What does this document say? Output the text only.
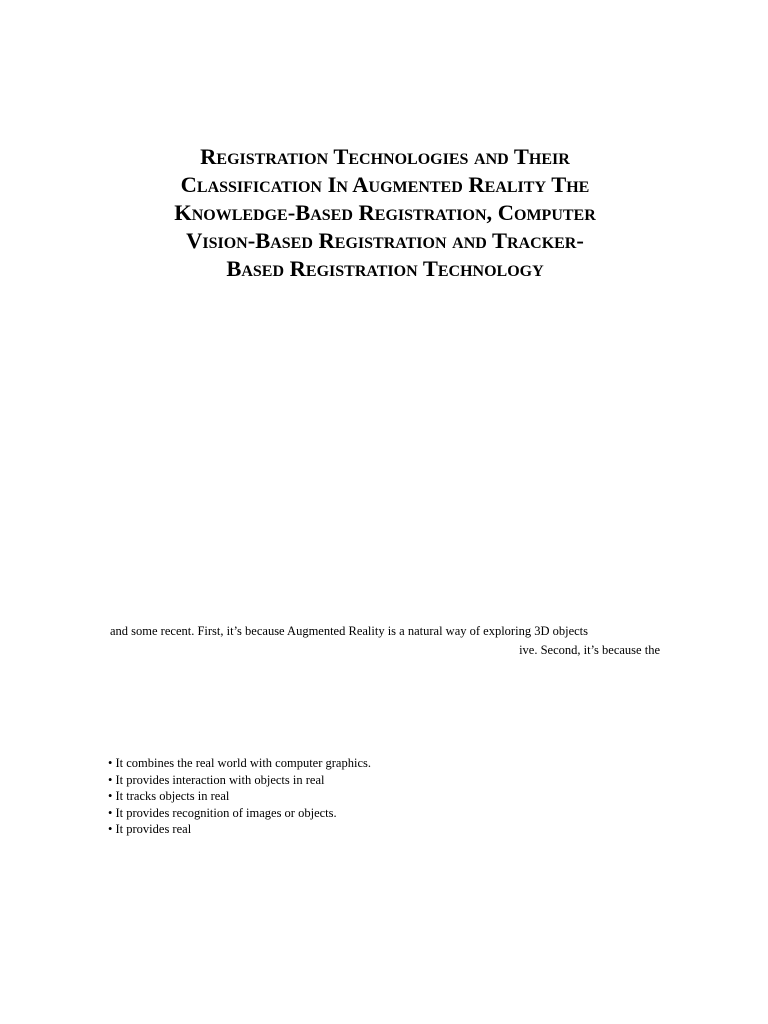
Registration Technologies and Their
Classification In Augmented Reality The
Knowledge-Based Registration, Computer
Vision-Based Registration and Tracker-
Based Registration Technology

and some recent. First, it’s because Augmented Reality is a natural way of exploring 3D objects
ive. Second, it’s because the

• It combines the real world with computer graphics.
• It provides interaction with objects in real
• It tracks objects in real
• It provides recognition of images or objects.
• It provides real
